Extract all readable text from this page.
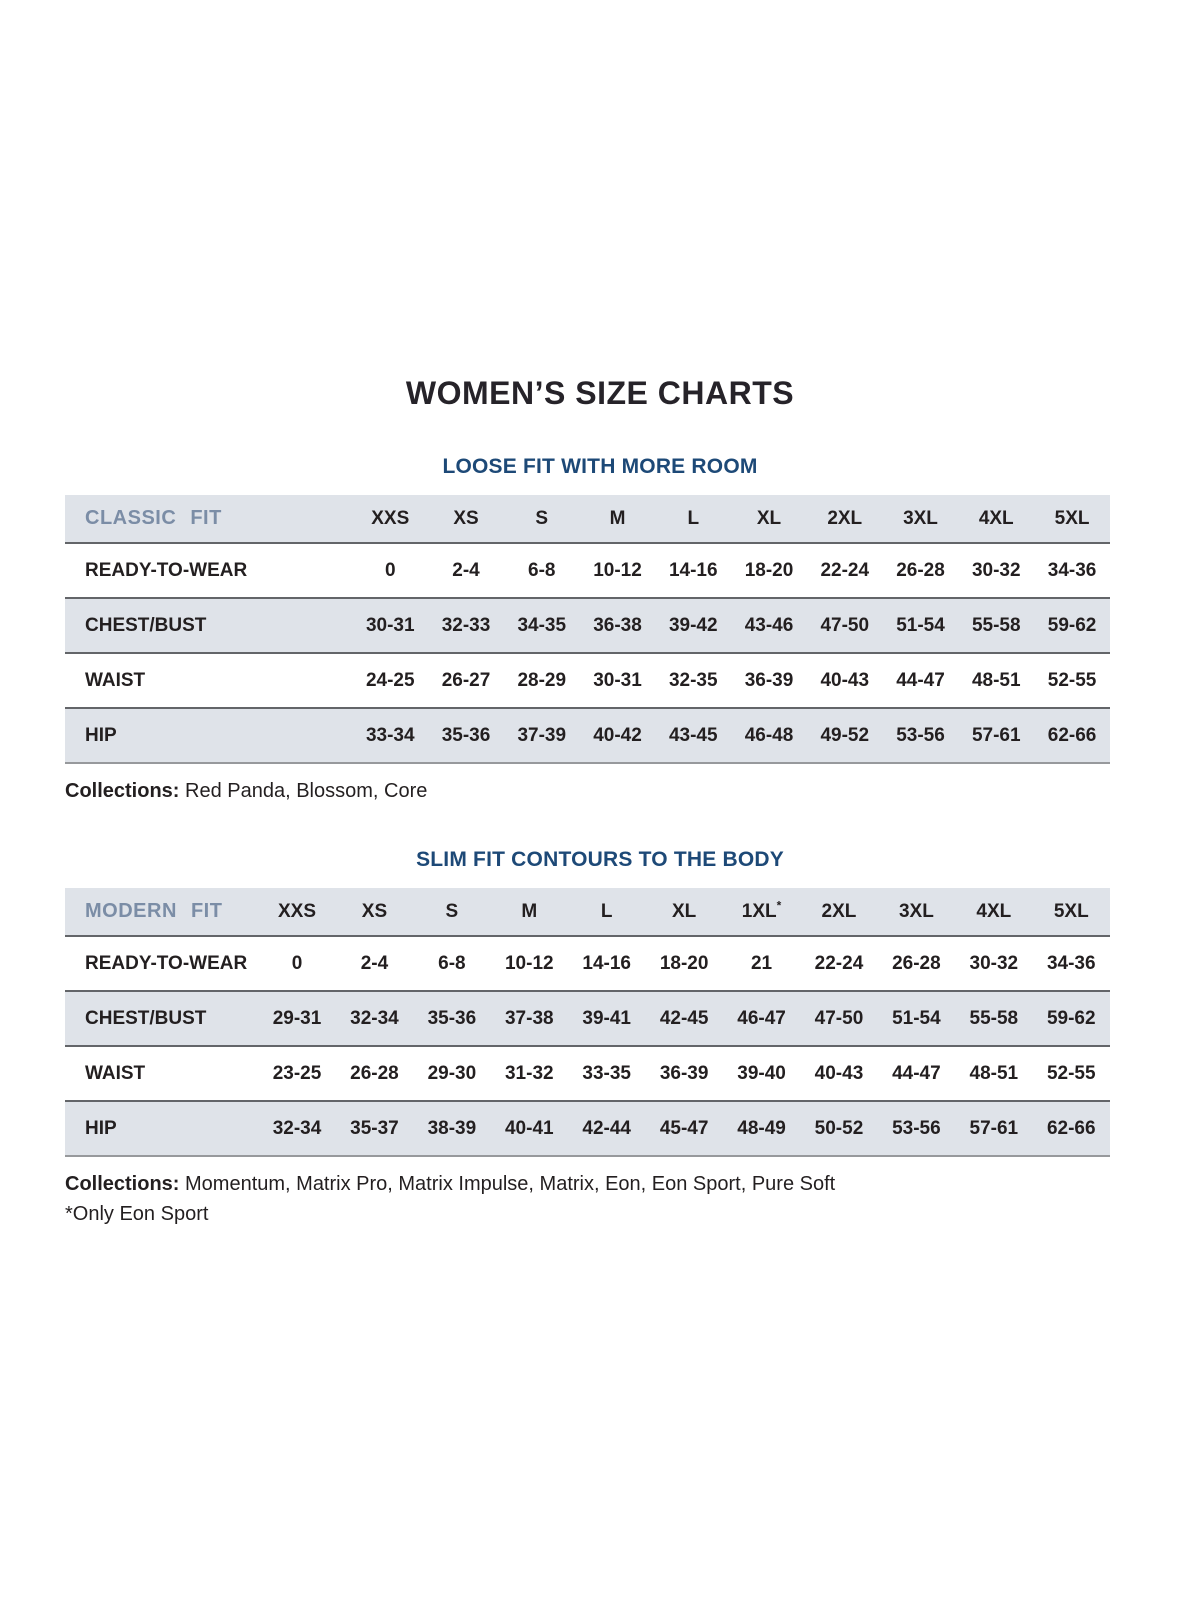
WOMEN’S SIZE CHARTS
LOOSE FIT WITH MORE ROOM
CLASSIC FIT	XXS	XS	S	M	L	XL	2XL	3XL	4XL	5XL
READY-TO-WEAR	0	2-4	6-8	10-12	14-16	18-20	22-24	26-28	30-32	34-36
CHEST/BUST	30-31	32-33	34-35	36-38	39-42	43-46	47-50	51-54	55-58	59-62
WAIST	24-25	26-27	28-29	30-31	32-35	36-39	40-43	44-47	48-51	52-55
HIP	33-34	35-36	37-39	40-42	43-45	46-48	49-52	53-56	57-61	62-66

Collections: Red Panda, Blossom, Core

SLIM FIT CONTOURS TO THE BODY
MODERN FIT	XXS	XS	S	M	L	XL	1XL*	2XL	3XL	4XL	5XL
READY-TO-WEAR	0	2-4	6-8	10-12	14-16	18-20	21	22-24	26-28	30-32	34-36
CHEST/BUST	29-31	32-34	35-36	37-38	39-41	42-45	46-47	47-50	51-54	55-58	59-62
WAIST	23-25	26-28	29-30	31-32	33-35	36-39	39-40	40-43	44-47	48-51	52-55
HIP	32-34	35-37	38-39	40-41	42-44	45-47	48-49	50-52	53-56	57-61	62-66

Collections: Momentum, Matrix Pro, Matrix Impulse, Matrix, Eon, Eon Sport, Pure Soft

*Only Eon Sport
